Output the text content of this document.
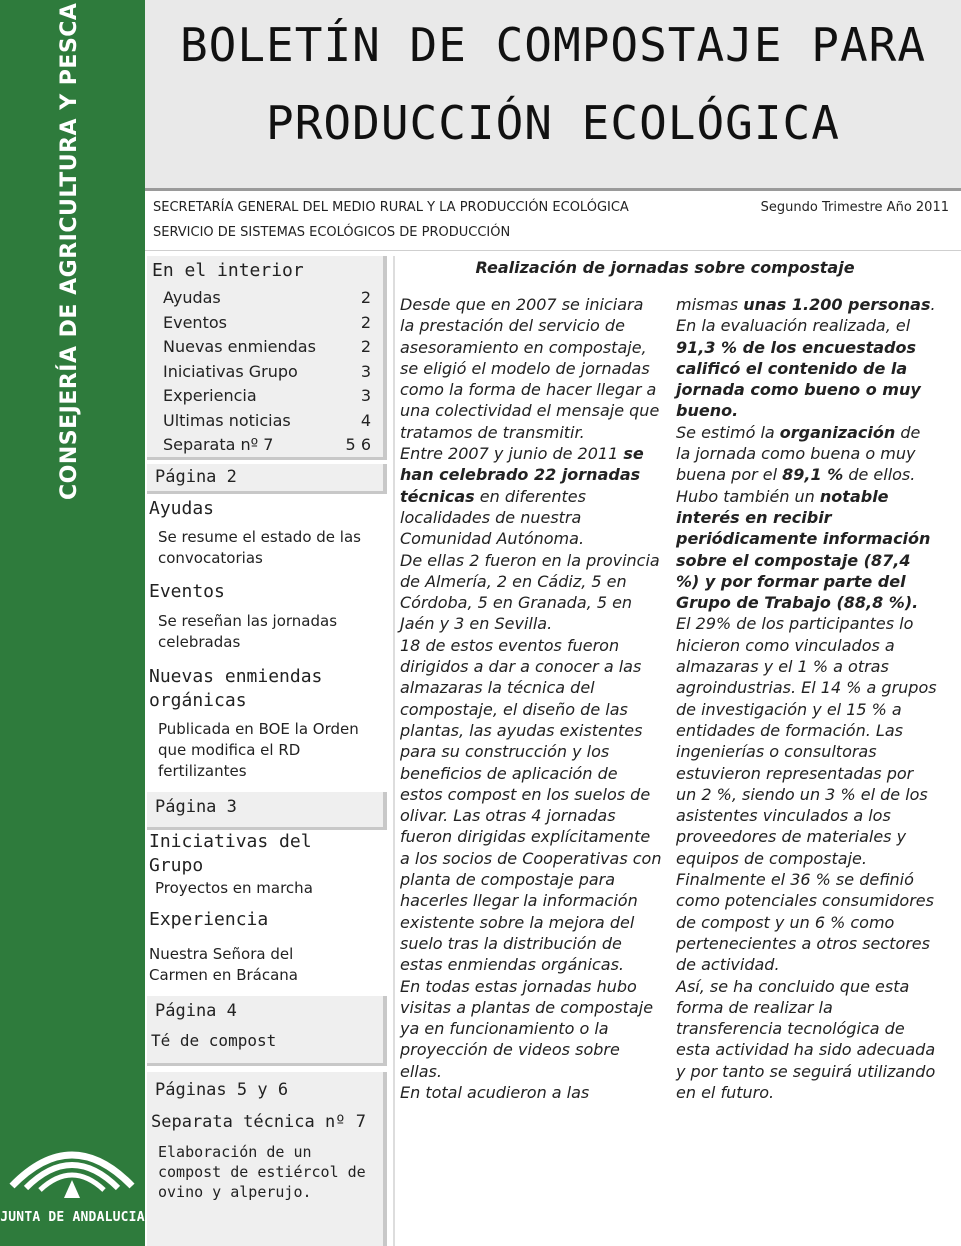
CONSEJERÍA DE AGRICULTURA Y PESCA
JUNTA DE ANDALUCIA
BOLETÍN DE COMPOSTAJE PARA
PRODUCCIÓN ECOLÓGICA
SECRETARÍA GENERAL DEL MEDIO RURAL Y LA PRODUCCIÓN ECOLÓGICA
SERVICIO DE SISTEMAS ECOLÓGICOS DE PRODUCCIÓN
Segundo Trimestre Año 2011
En el interior
Ayudas	2
Eventos	2
Nuevas enmiendas	2
Iniciativas Grupo	3
Experiencia	3
Ultimas noticias	4
Separata nº 7	5 6
Página 2
Ayudas
Se resume el estado de las convocatorias
Eventos
Se reseñan las jornadas celebradas
Nuevas enmiendas orgánicas
Publicada en BOE la Orden que modifica el RD fertilizantes
Página 3
Iniciativas del Grupo
Proyectos en marcha
Experiencia
Nuestra Señora del Carmen en Brácana
Página 4
Té de compost
Páginas 5 y 6
Separata técnica nº 7
Elaboración de un compost de estiércol de ovino y alperujo.
Realización de jornadas sobre compostaje

Desde que en 2007 se iniciara la prestación del servicio de asesoramiento en compostaje, se eligió el modelo de jornadas como la forma de hacer llegar a una colectividad el mensaje que tratamos de transmitir.

Entre 2007 y junio de 2011 se han celebrado 22 jornadas técnicas en diferentes localidades de nuestra Comunidad Autónoma.

De ellas 2 fueron en la provincia de Almería, 2 en Cádiz, 5 en Córdoba, 5 en Granada, 5 en Jaén y 3 en Sevilla.

18 de estos eventos fueron dirigidos a dar a conocer a las almazaras la técnica del compostaje, el diseño de las plantas, las ayudas existentes para su construcción y los beneficios de aplicación de estos compost en los suelos de olivar. Las otras 4 jornadas fueron dirigidas explícitamente a los socios de Cooperativas con planta de compostaje para hacerles llegar la información existente sobre la mejora del suelo tras la distribución de estas enmiendas orgánicas.

En todas estas jornadas hubo visitas a plantas de compostaje ya en funcionamiento o la proyección de videos sobre ellas.

En total acudieron a las

mismas unas 1.200 personas.

En la evaluación realizada, el 91,3 % de los encuestados calificó el contenido de la jornada como bueno o muy bueno.

Se estimó la organización de la jornada como buena o muy buena por el 89,1 % de ellos.

Hubo también un notable interés en recibir periódicamente información sobre el compostaje (87,4 %) y por formar parte del Grupo de Trabajo (88,8 %).

El 29% de los participantes lo hicieron como vinculados a almazaras y el 1 % a otras agroindustrias. El 14 % a grupos de investigación y el 15 % a entidades de formación. Las ingenierías o consultoras estuvieron representadas por un 2 %, siendo un 3 % el de los asistentes vinculados a los proveedores de materiales y equipos de compostaje.

Finalmente el 36 % se definió como potenciales consumidores de compost y un 6 % como pertenecientes a otros sectores de actividad.

Así, se ha concluido que esta forma de realizar la transferencia tecnológica de esta actividad ha sido adecuada y por tanto se seguirá utilizando en el futuro.
